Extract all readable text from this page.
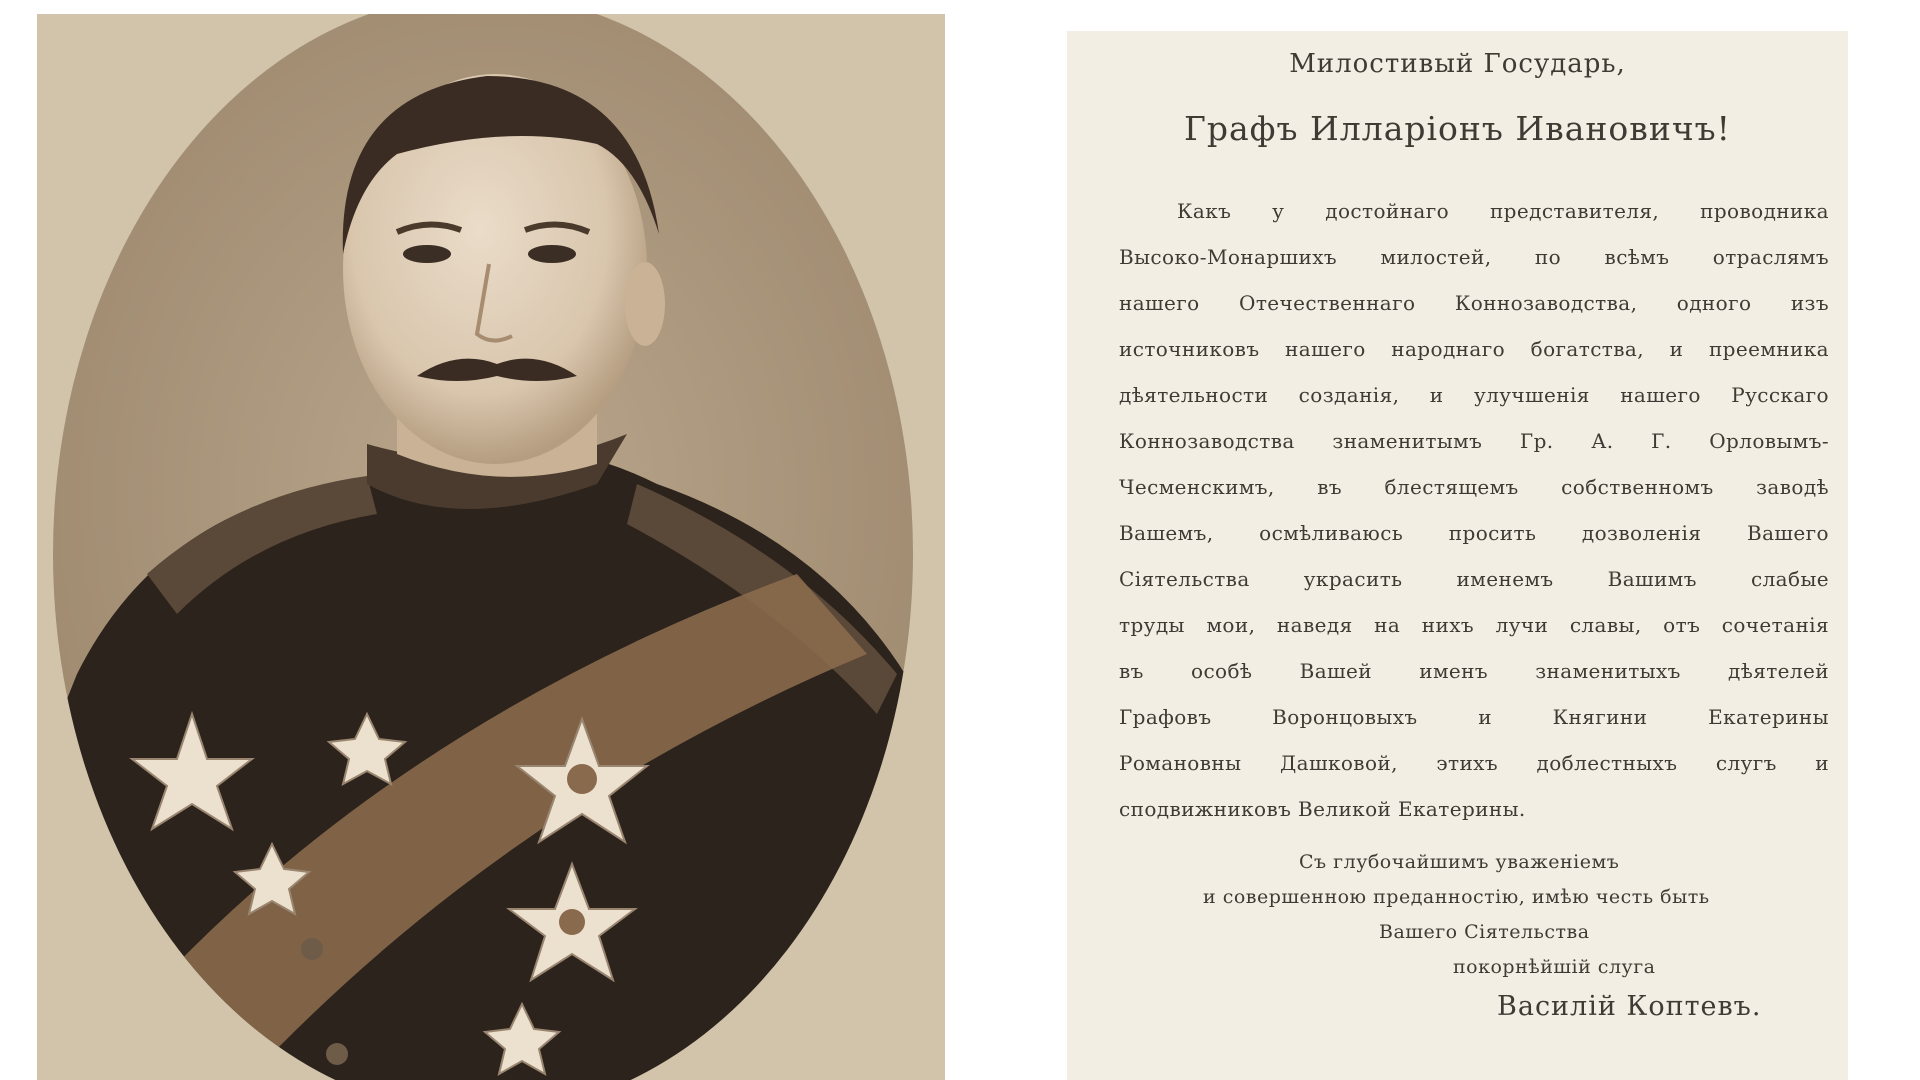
Милостивый Государь,
Графъ Илларіонъ Ивановичъ!
Какъ у достойнаго представителя, проводника
Высоко-Монаршихъ милостей, по всѣмъ отраслямъ
нашего Отечественнаго Коннозаводства, одного изъ
источниковъ нашего народнаго богатства, и преемника
дѣятельности созданія, и улучшенія нашего Русскаго
Коннозаводства знаменитымъ Гр. А. Г. Орловымъ-
Чесменскимъ, въ блестящемъ собственномъ заводѣ
Вашемъ, осмѣливаюсь просить дозволенія Вашего
Сіятельства украсить именемъ Вашимъ слабые
труды мои, наведя на нихъ лучи славы, отъ сочетанія
въ особѣ Вашей именъ знаменитыхъ дѣятелей
Графовъ Воронцовыхъ и Княгини Екатерины
Романовны Дашковой, этихъ доблестныхъ слугъ и
сподвижниковъ Великой Екатерины.
Съ глубочайшимъ уваженіемъ
и совершенною преданностію, имѣю честь быть
Вашего Сіятельства
покорнѣйшій слуга
Василій Коптевъ.
